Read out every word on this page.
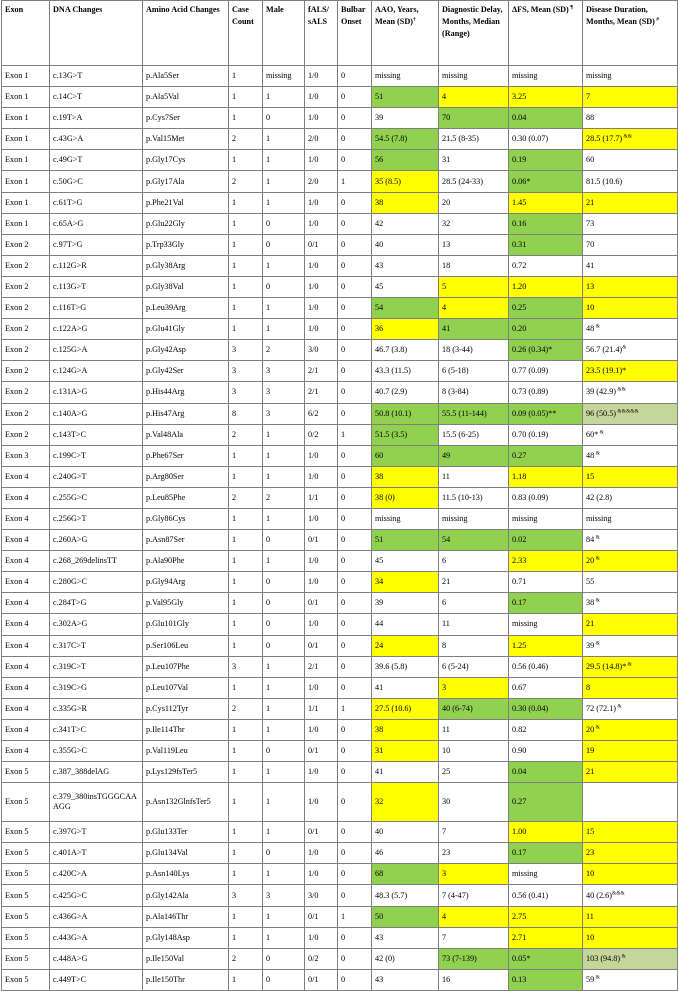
Exon	DNA Changes	Amino Acid Changes	Case Count	Male	fALS/ sALS	Bulbar Onset	AAO, Years, Mean (SD)†	Diagnostic Delay, Months, Median (Range)	ΔFS, Mean (SD) ¶	Disease Duration, Months, Mean (SD) #
Exon 1	c.13G>T	p.Ala5Ser	1	missing	1/0	0	missing	missing	missing	missing
Exon 1	c.14C>T	p.Ala5Val	1	1	1/0	0	51	4	3.25	7
Exon 1	c.19T>A	p.Cys7Ser	1	0	1/0	0	39	70	0.04	88
Exon 1	c.43G>A	p.Val15Met	2	1	2/0	0	54.5 (7.8)	21.5 (8-35)	0.30 (0.07)	28.5 (17.7) &&
Exon 1	c.49G>T	p.Gly17Cys	1	1	1/0	0	56	31	0.19	60
Exon 1	c.50G>C	p.Gly17Ala	2	1	2/0	1	35 (8.5)	28.5 (24-33)	0.06*	81.5 (10.6)
Exon 1	c.61T>G	p.Phe21Val	1	1	1/0	0	38	20	1.45	21
Exon 1	c.65A>G	p.Glu22Gly	1	0	1/0	0	42	32	0.16	73
Exon 2	c.97T>G	p.Trp33Gly	1	0	0/1	0	40	13	0.31	70
Exon 2	c.112G>R	p.Gly38Arg	1	1	1/0	0	43	18	0.72	41
Exon 2	c.113G>T	p.Gly38Val	1	0	1/0	0	45	5	1.20	13
Exon 2	c.116T>G	p.Leu39Arg	1	1	1/0	0	54	4	0.25	10
Exon 2	c.122A>G	p.Glu41Gly	1	1	1/0	0	36	41	0.20	48 &
Exon 2	c.125G>A	p.Gly42Asp	3	2	3/0	0	46.7 (3.8)	18 (3-44)	0.26 (0.34)*	56.7 (21.4)&
Exon 2	c.124G>A	p.Gly42Ser	3	3	2/1	0	43.3 (11.5)	6 (5-18)	0.77 (0.09)	23.5 (19.1)*
Exon 2	c.131A>G	p.His44Arg	3	3	2/1	0	40.7 (2.9)	8 (3-84)	0.73 (0.89)	39 (42.9) &&
Exon 2	c.140A>G	p.His47Arg	8	3	6/2	0	50.8 (10.1)	55.5 (11-144)	0.09 (0.05)**	96 (50.5) &&&&&
Exon 2	c.143T>C	p.Val48Ala	2	1	0/2	1	51.5 (3.5)	15.5 (6-25)	0.70 (0.19)	60* &
Exon 3	c.199C>T	p.Phe67Ser	1	1	1/0	0	60	49	0.27	48 &
Exon 4	c.240G>T	p.Arg80Ser	1	1	1/0	0	38	11	1.18	15
Exon 4	c.255G>C	p.Leu85Phe	2	2	1/1	0	38 (0)	11.5 (10-13)	0.83 (0.09)	42 (2.8)
Exon 4	c.256G>T	p.Gly86Cys	1	1	1/0	0	missing	missing	missing	missing
Exon 4	c.260A>G	p.Asn87Ser	1	0	0/1	0	51	54	0.02	84 &
Exon 4	c.268_269delinsTT	p.Ala90Phe	1	1	1/0	0	45	6	2.33	20 &
Exon 4	c.280G>C	p.Gly94Arg	1	0	1/0	0	34	21	0.71	55
Exon 4	c.284T>G	p.Val95Gly	1	0	0/1	0	39	6	0.17	38 &
Exon 4	c.302A>G	p.Glu101Gly	1	0	1/0	0	44	11	missing	21
Exon 4	c.317C>T	p.Ser106Leu	1	0	0/1	0	24	8	1.25	39 &
Exon 4	c.319C>T	p.Leu107Phe	3	1	2/1	0	39.6 (5.8)	6 (5-24)	0.56 (0.46)	29.5 (14.8)* &
Exon 4	c.319C>G	p.Leu107Val	1	1	1/0	0	41	3	0.67	8
Exon 4	c.335G>R	p.Cys112Tyr	2	1	1/1	1	27.5 (10.6)	40 (6-74)	0.30 (0.04)	72 (72.1) &
Exon 4	c.341T>C	p.Ile114Thr	1	1	1/0	0	38	11	0.82	20 &
Exon 4	c.355G>C	p.Val119Leu	1	0	0/1	0	31	10	0.90	19
Exon 5	c.387_388delAG	p.Lys129fsTer5	1	1	1/0	0	41	25	0.04	21
Exon 5	c.379_380insTGGGCAAAGG	p.Asn132GlnfsTer5	1	1	1/0	0	32	30	0.27	
Exon 5	c.397G>T	p.Glu133Ter	1	1	0/1	0	40	7	1.00	15
Exon 5	c.401A>T	p.Glu134Val	1	0	1/0	0	46	23	0.17	23
Exon 5	c.420C>A	p.Asn140Lys	1	1	1/0	0	68	3	missing	10
Exon 5	c.425G>C	p.Gly142Ala	3	3	3/0	0	48.3 (5.7)	7 (4-47)	0.56 (0.41)	40 (2.6)&&&
Exon 5	c.436G>A	p.Ala146Thr	1	1	0/1	1	50	4	2.75	11
Exon 5	c.443G>A	p.Gly148Asp	1	1	1/0	0	43	7	2.71	10
Exon 5	c.448A>G	p.Ile150Val	2	0	0/2	0	42 (0)	73 (7-139)	0.05*	103 (94.8) &
Exon 5	c.449T>C	p.Ile150Thr	1	0	0/1	0	43	16	0.13	59 &
